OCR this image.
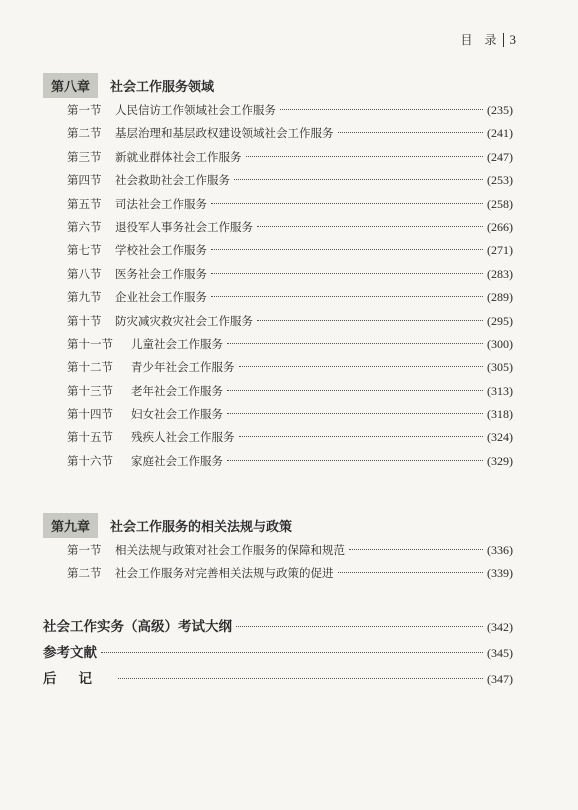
目　录 3
第八章	社会工作服务领域
第一节	人民信访工作领域社会工作服务	(235)
第二节	基层治理和基层政权建设领域社会工作服务	(241)
第三节	新就业群体社会工作服务	(247)
第四节	社会救助社会工作服务	(253)
第五节	司法社会工作服务	(258)
第六节	退役军人事务社会工作服务	(266)
第七节	学校社会工作服务	(271)
第八节	医务社会工作服务	(283)
第九节	企业社会工作服务	(289)
第十节	防灾减灾救灾社会工作服务	(295)
第十一节	儿童社会工作服务	(300)
第十二节	青少年社会工作服务	(305)
第十三节	老年社会工作服务	(313)
第十四节	妇女社会工作服务	(318)
第十五节	残疾人社会工作服务	(324)
第十六节	家庭社会工作服务	(329)
第九章	社会工作服务的相关法规与政策
第一节	相关法规与政策对社会工作服务的保障和规范	(336)
第二节	社会工作服务对完善相关法规与政策的促进	(339)
社会工作实务（高级）考试大纲	(342)
参考文献	(345)
后记	(347)
